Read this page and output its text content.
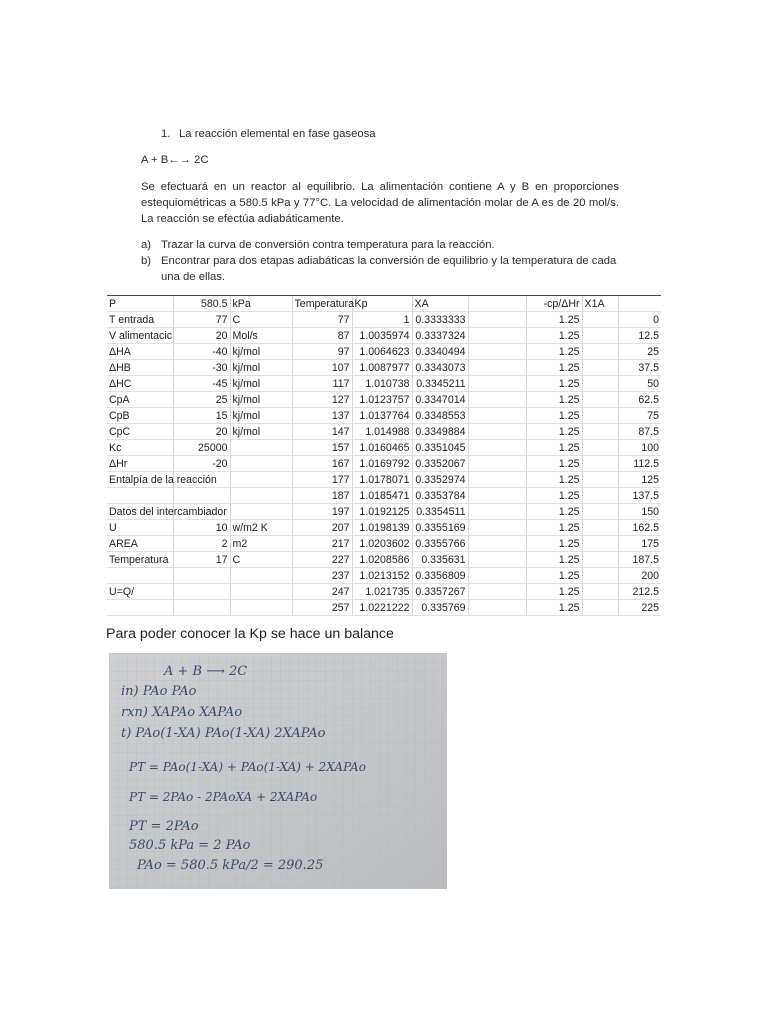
1. La reacción elemental en fase gaseosa
A + B←→ 2C
Se efectuará en un reactor al equilibrio. La alimentación contiene A y B en proporciones estequiométricas a 580.5 kPa y 77°C. La velocidad de alimentación molar de A es de 20 mol/s. La reacción se efectúa adiabáticamente.
a) Trazar la curva de conversión contra temperatura para la reacción.
b) Encontrar para dos etapas adiabáticas la conversión de equilibrio y la temperatura de cada una de ellas.
P	580.5	kPa	Temperatura	Kp	XA		-cp/ΔHr	X1A	
T entrada	77	C	77	1	0.3333333		1.25		0
V alimentacic	20	Mol/s	87	1.0035974	0.3337324		1.25		12.5
ΔHA	-40	kj/mol	97	1.0064623	0.3340494		1.25		25
ΔHB	-30	kj/mol	107	1.0087977	0.3343073		1.25		37.5
ΔHC	-45	kj/mol	117	1.010738	0.3345211		1.25		50
CpA	25	kj/mol	127	1.0123757	0.3347014		1.25		62.5
CpB	15	kj/mol	137	1.0137764	0.3348553		1.25		75
CpC	20	kj/mol	147	1.014988	0.3349884		1.25		87.5
Kc	25000		157	1.0160465	0.3351045		1.25		100
ΔHr	-20		167	1.0169792	0.3352067		1.25		112.5
Entalpía de la reacción			177	1.0178071	0.3352974		1.25		125
			187	1.0185471	0.3353784		1.25		137.5
Datos del intercambiador			197	1.0192125	0.3354511		1.25		150
U	10	w/m2 K	207	1.0198139	0.3355169		1.25		162.5
AREA	2	m2	217	1.0203602	0.3355766		1.25		175
Temperatura	17	C	227	1.0208586	0.335631		1.25		187.5
			237	1.0213152	0.3356809		1.25		200
U=Q/			247	1.021735	0.3357267		1.25		212.5
			257	1.0221222	0.335769		1.25		225
Para poder conocer la Kp se hace un balance
A + B ⟶ 2C
in) PAo PAo
rxn) XAPAo XAPAo
t) PAo(1-XA) PAo(1-XA) 2XAPAo
PT = PAo(1-XA) + PAo(1-XA) + 2XAPAo
PT = 2PAo - 2PAoXA + 2XAPAo
PT = 2PAo
580.5 kPa = 2 PAo
PAo = 580.5 kPa/2 = 290.25
